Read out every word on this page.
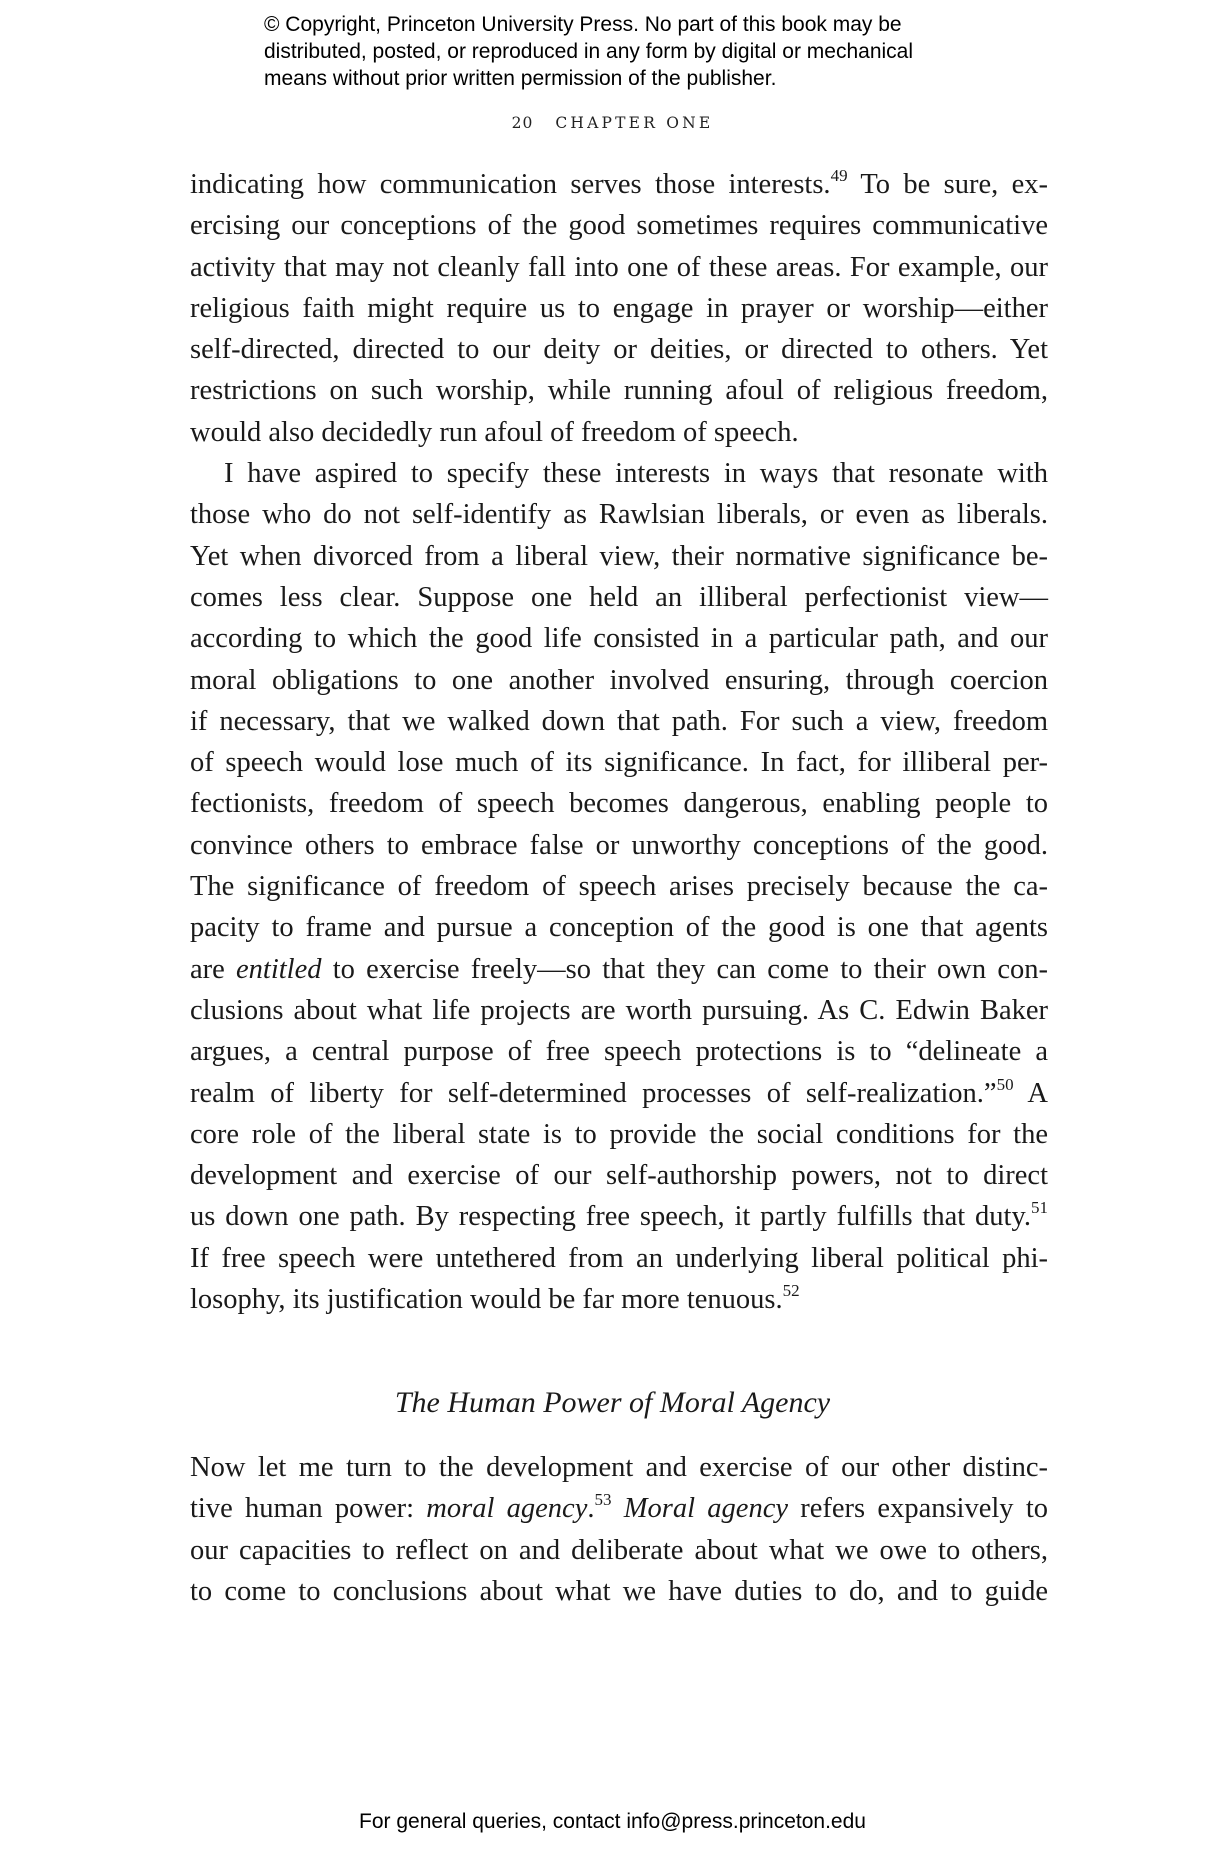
© Copyright, Princeton University Press. No part of this book may be
distributed, posted, or reproduced in any form by digital or mechanical
means without prior written permission of the publisher.
20 CHAPTER ONE

indicating how communication serves those interests.$^{49}$ To be sure, ex-
ercising our conceptions of the good sometimes requires communicative
activity that may not cleanly fall into one of these areas. For example, our
religious faith might require us to engage in prayer or worship—either
self-directed, directed to our deity or deities, or directed to others. Yet
restrictions on such worship, while running afoul of religious freedom,
would also decidedly run afoul of freedom of speech.

I have aspired to specify these interests in ways that resonate with
those who do not self-identify as Rawlsian liberals, or even as liberals.
Yet when divorced from a liberal view, their normative significance be-
comes less clear. Suppose one held an illiberal perfectionist view—
according to which the good life consisted in a particular path, and our
moral obligations to one another involved ensuring, through coercion
if necessary, that we walked down that path. For such a view, freedom
of speech would lose much of its significance. In fact, for illiberal per-
fectionists, freedom of speech becomes dangerous, enabling people to
convince others to embrace false or unworthy conceptions of the good.
The significance of freedom of speech arises precisely because the ca-
pacity to frame and pursue a conception of the good is one that agents
are entitled to exercise freely—so that they can come to their own con-
clusions about what life projects are worth pursuing. As C. Edwin Baker
argues, a central purpose of free speech protections is to “delineate a
realm of liberty for self-determined processes of self-realization.”$^{50}$ A
core role of the liberal state is to provide the social conditions for the
development and exercise of our self-authorship powers, not to direct
us down one path. By respecting free speech, it partly fulfills that duty.$^{51}$
If free speech were untethered from an underlying liberal political phi-
losophy, its justification would be far more tenuous.$^{52}$

The Human Power of Moral Agency

Now let me turn to the development and exercise of our other distinc-
tive human power: moral agency.$^{53}$ Moral agency refers expansively to
our capacities to reflect on and deliberate about what we owe to others,
to come to conclusions about what we have duties to do, and to guide

For general queries, contact info@press.princeton.edu
